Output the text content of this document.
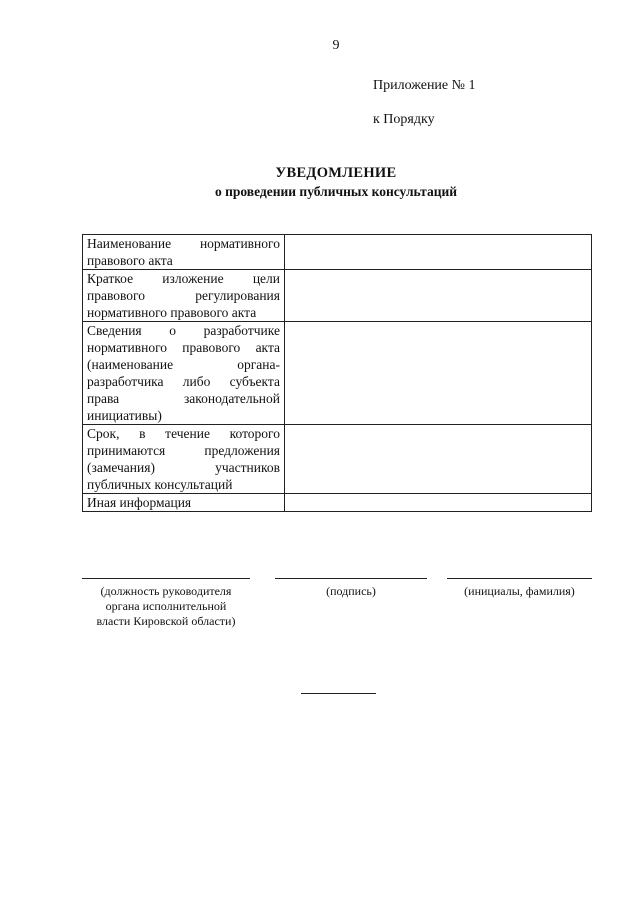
9
Приложение № 1
к Порядку
УВЕДОМЛЕНИЕ
о проведении публичных консультаций
Наименование нормативного правового акта	
Краткое изложение цели правового регулирования нормативного правового акта	
Сведения о разработчике нормативного правового акта (наименование органа-разработчика либо субъекта права законодательной инициативы)	
Срок, в течение которого принимаются предложения (замечания) участников публичных консультаций	
Иная информация	
(должность руководителя
органа исполнительной
власти Кировской области)
(подпись)	(инициалы, фамилия)
